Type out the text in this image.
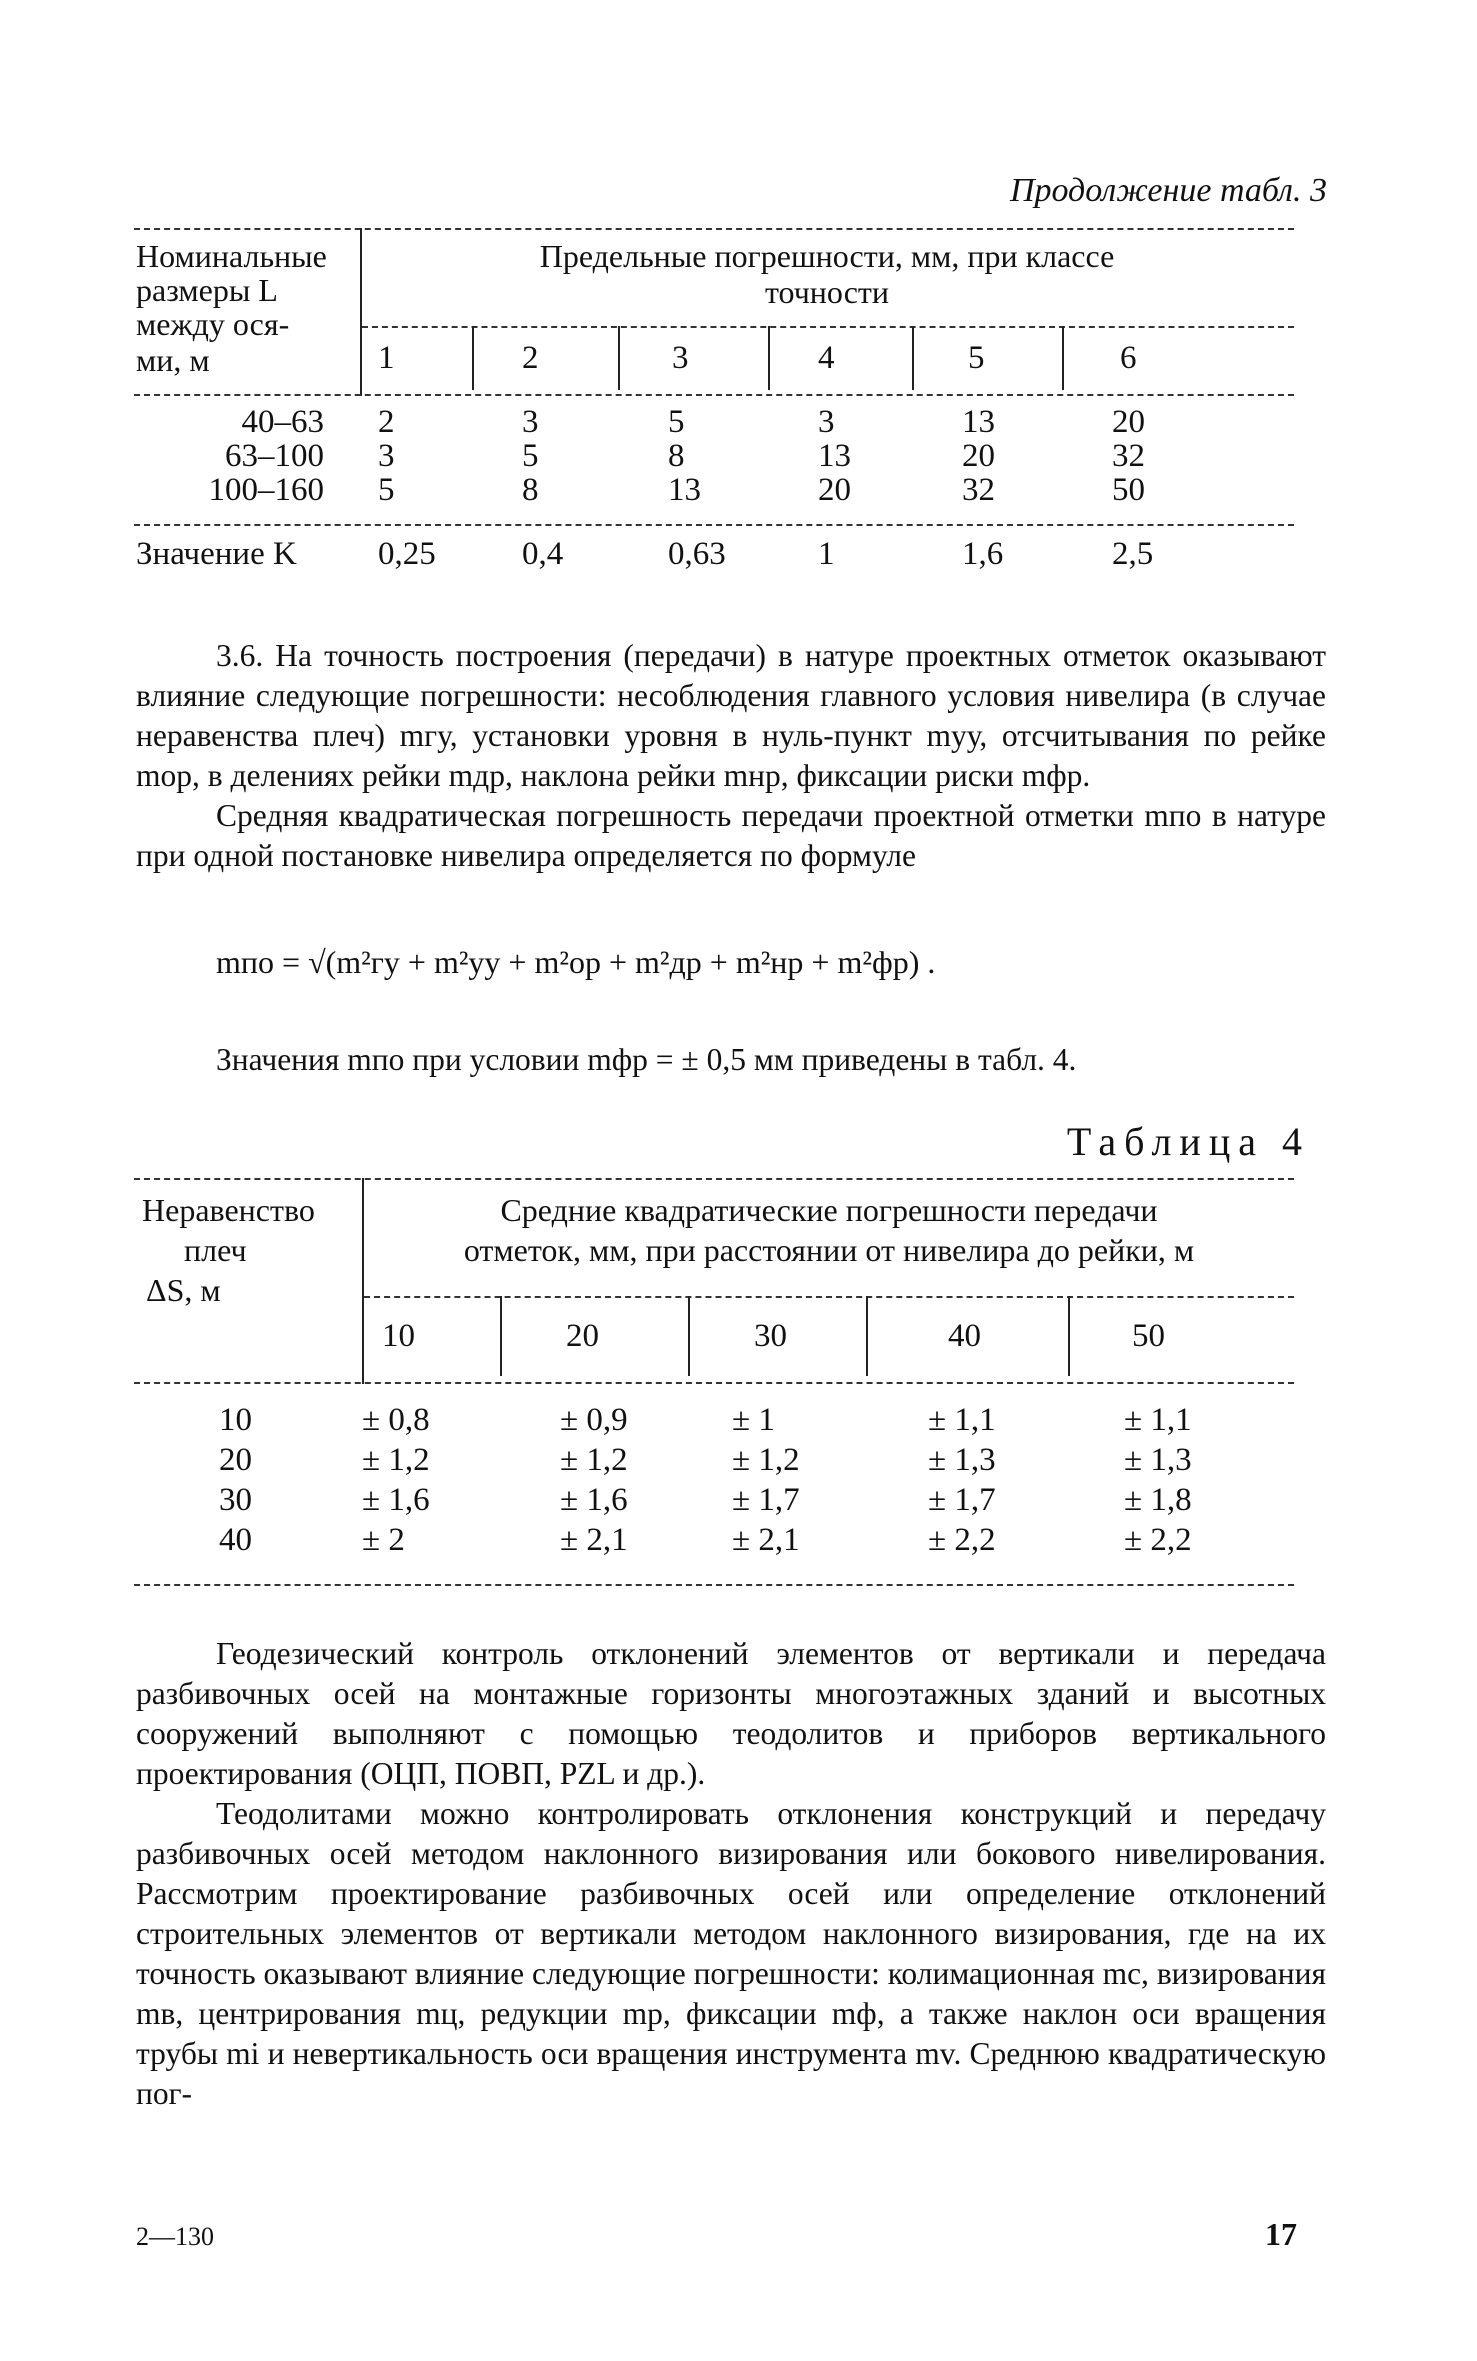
Продолжение табл. 3
Номинальные
размеры L
между ося-
ми, м
Предельные погрешности, мм, при классе
точности
1	2	3	4	5	6
40–63 2	3	5	3	13	20
63–100 3	5	8	13	20	32
100–160 5	8	13	20	32	50
Значение K 0,25	0,4	0,63	1	1,6	2,5

3.6. На точность построения (передачи) в натуре проектных отметок оказывают влияние следующие погрешности: несоблюдения главного условия нивелира (в случае неравенства плеч) mгу, установки уровня в нуль-пункт mуу, отсчитывания по рейке mор, в делениях рейки mдр, наклона рейки mнр, фиксации риски mфр.

Средняя квадратическая погрешность передачи проектной отметки mпо в натуре при одной постановке нивелира определяется по формуле

mпо = √(m²гу + m²уу + m²ор + m²др + m²нр + m²фр) .
Значения mпо при условии mфр = ± 0,5 мм приведены в табл. 4.
Таблица 4
Неравенство
плеч
ΔS, м
Средние квадратические погрешности передачи
отметок, мм, при расстоянии от нивелира до рейки, м
10	20	30	40	50
10	± 0,8	± 0,9	± 1	± 1,1	± 1,1
20	± 1,2	± 1,2	± 1,2	± 1,3	± 1,3
30	± 1,6	± 1,6	± 1,7	± 1,7	± 1,8
40	± 2	± 2,1	± 2,1	± 2,2	± 2,2

Геодезический контроль отклонений элементов от вертикали и передача разбивочных осей на монтажные горизонты многоэтажных зданий и высотных сооружений выполняют с помощью теодолитов и приборов вертикального проектирования (ОЦП, ПОВП, PZL и др.).

Теодолитами можно контролировать отклонения конструкций и передачу разбивочных осей методом наклонного визирования или бокового нивелирования. Рассмотрим проектирование разбивочных осей или определение отклонений строительных элементов от вертикали методом наклонного визирования, где на их точность оказывают влияние следующие погрешности: колимационная mc, визирования mв, центрирования mц, редукции mр, фиксации mф, а также наклон оси вращения трубы mi и невертикальность оси вращения инструмента mv. Среднюю квадратическую пог-

2—130	17
